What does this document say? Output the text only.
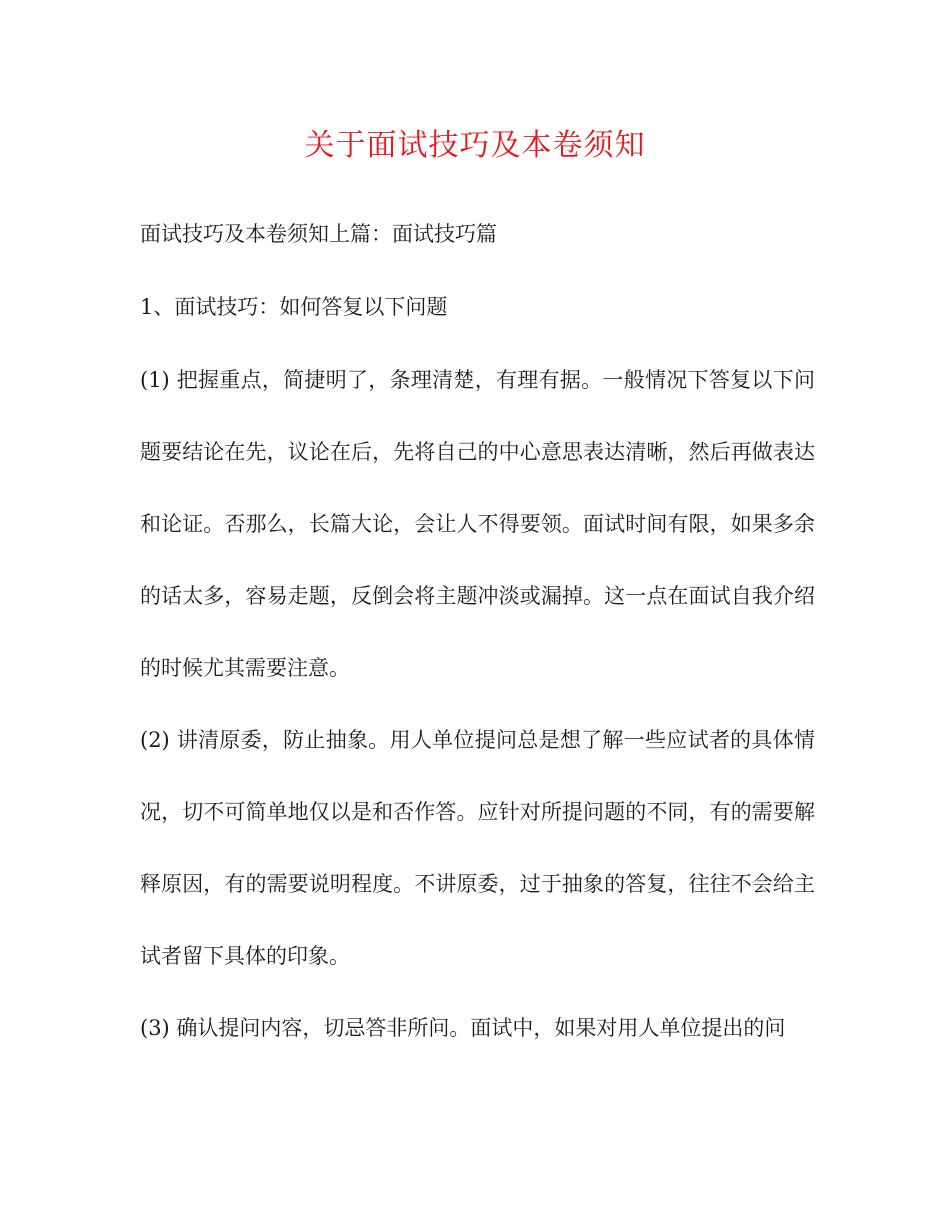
关于面试技巧及本卷须知

面试技巧及本卷须知上篇：面试技巧篇

1、面试技巧：如何答复以下问题

(1) 把握重点，简捷明了，条理清楚，有理有据。一般情况下答复以下问题要结论在先，议论在后，先将自己的中心意思表达清晰，然后再做表达和论证。否那么，长篇大论，会让人不得要领。面试时间有限，如果多余的话太多，容易走题，反倒会将主题冲淡或漏掉。这一点在面试自我介绍的时候尤其需要注意。

(2) 讲清原委，防止抽象。用人单位提问总是想了解一些应试者的具体情况，切不可简单地仅以是和否作答。应针对所提问题的不同，有的需要解释原因，有的需要说明程度。不讲原委，过于抽象的答复，往往不会给主试者留下具体的印象。

(3) 确认提问内容，切忌答非所问。面试中，如果对用人单位提出的问
